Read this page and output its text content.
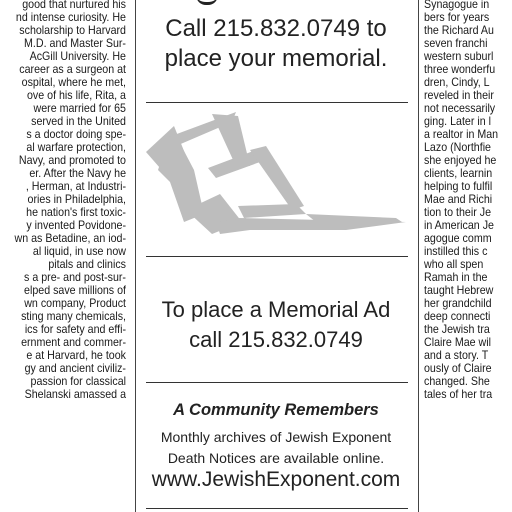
good that nurtured his
nd intense curiosity. He
scholarship to Harvard
M.D. and Master Sur-
AcGill University. He
career as a surgeon at
ospital, where he met,
ove of his life, Rita, a
were married for 65
served in the United
s a doctor doing spe-
al warfare protection,
Navy, and promoted to
er. After the Navy he
, Herman, at Industri-
ories in Philadelphia,
he nation's first toxic-
y invented Povidone-
wn as Betadine, an iod-
al liquid, in use now
pitals and clinics
s a pre- and post-sur-
elped save millions of
wn company, Product
sting many chemicals,
ics for safety and effi-
ernment and commer-
e at Harvard, he took
gy and ancient civiliz-
passion for classical
Shelanski amassed a
Call 215.832.0749 to
place your memorial.
To place a Memorial Ad
call 215.832.0749
A Community Remembers
Monthly archives of Jewish Exponent
Death Notices are available online.
www.JewishExponent.com
Synagogue in
bers for years
the Richard Au
seven franchi
western suburl
three wonderfu
dren, Cindy, L
reveled in their
not necessarily
ging. Later in l
a realtor in Man
Lazo (Northfie
she enjoyed he
clients, learnin
helping to fulfil
Mae and Richi
tion to their Je
in American Je
agogue comm
instilled this c
who all spen
Ramah in the
taught Hebrew
her grandchild
deep connecti
the Jewish tra
Claire Mae wil
and a story. T
ously of Claire
changed. She
tales of her tra
